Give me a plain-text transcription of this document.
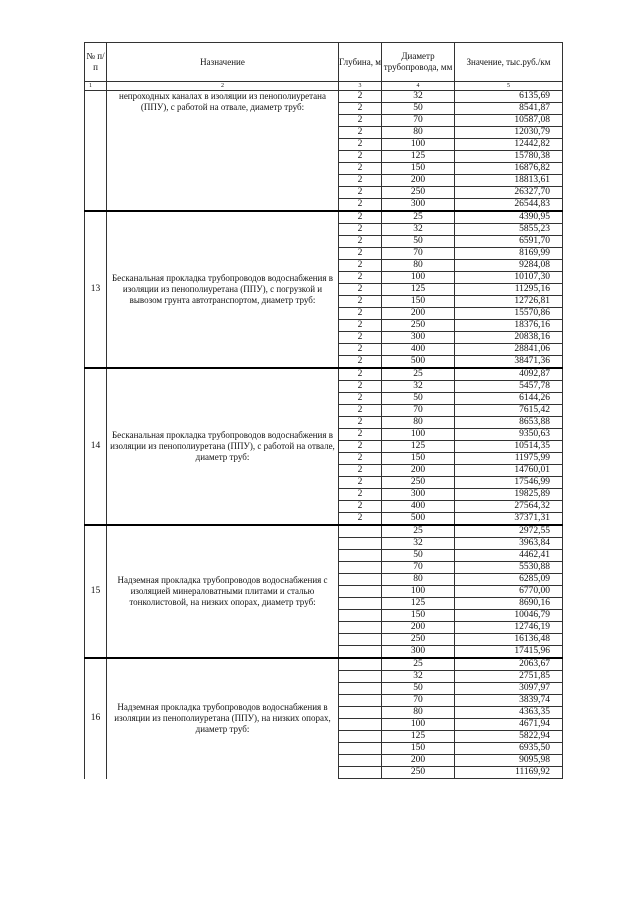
№ п/п	Назначение	Глубина, м	Диаметр трубопровода, мм	Значение, тыс.руб./км
1	2	3	4	5
	непроходных каналах в изоляции из пенополиуретана (ППУ), с работой на отвале, диаметр труб:	2	32	6135,69
		2	50	8541,87
		2	70	10587,08
		2	80	12030,79
		2	100	12442,82
		2	125	15780,38
		2	150	16876,82
		2	200	18813,61
		2	250	26327,70
		2	300	26544,83
13	Бесканальная прокладка трубопроводов водоснабжения в изоляции из пенополиуретана (ППУ), с погрузкой и вывозом грунта автотранспортом, диаметр труб:	2	25	4390,95
		2	32	5855,23
		2	50	6591,70
		2	70	8169,99
		2	80	9284,08
		2	100	10107,30
		2	125	11295,16
		2	150	12726,81
		2	200	15570,86
		2	250	18376,16
		2	300	20838,16
		2	400	28841,06
		2	500	38471,36
14	Бесканальная прокладка трубопроводов водоснабжения в изоляции из пенополиуретана (ППУ), с работой на отвале, диаметр труб:	2	25	4092,87
		2	32	5457,78
		2	50	6144,26
		2	70	7615,42
		2	80	8653,88
		2	100	9350,63
		2	125	10514,35
		2	150	11975,99
		2	200	14760,01
		2	250	17546,99
		2	300	19825,89
		2	400	27564,32
		2	500	37371,31
15	Надземная прокладка трубопроводов водоснабжения с изоляцией минераловатными плитами и сталью тонколистовой, на низких опорах, диаметр труб:		25	2972,55
			32	3963,84
			50	4462,41
			70	5530,88
			80	6285,09
			100	6770,00
			125	8690,16
			150	10046,79
			200	12746,19
			250	16136,48
			300	17415,96
16	Надземная прокладка трубопроводов водоснабжения в изоляции из пенополиуретана (ППУ), на низких опорах, диаметр труб:		25	2063,67
			32	2751,85
			50	3097,97
			70	3839,74
			80	4363,35
			100	4671,94
			125	5822,94
			150	6935,50
			200	9095,98
			250	11169,92
